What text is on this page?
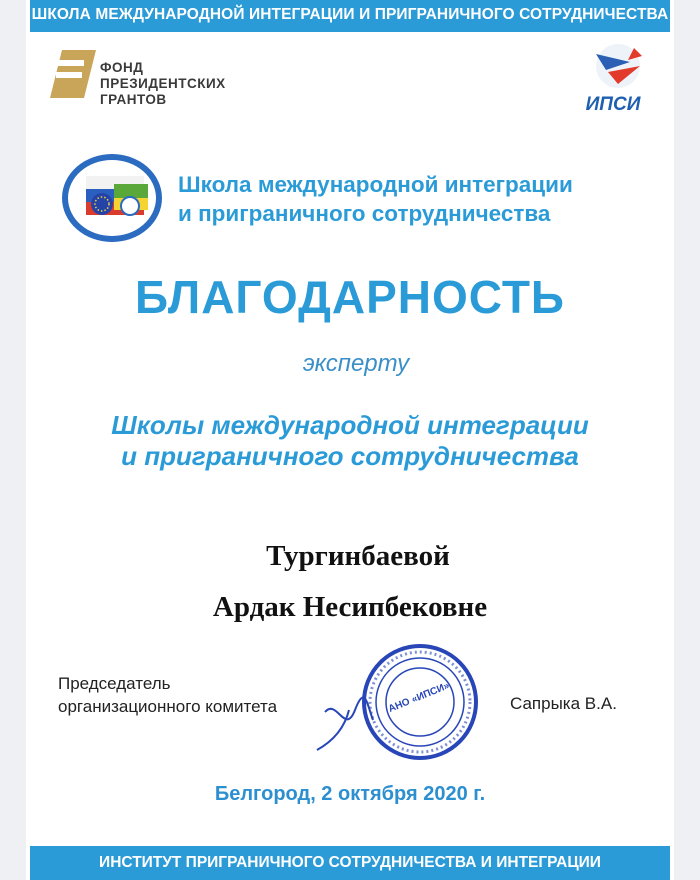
ШКОЛА МЕЖДУНАРОДНОЙ ИНТЕГРАЦИИ И ПРИГРАНИЧНОГО СОТРУДНИЧЕСТВА
ФОНД
ПРЕЗИДЕНТСКИХ
ГРАНТОВ	ИПСИ
Школа международной интеграции
и приграничного сотрудничества
БЛАГОДАРНОСТЬ
эксперту
Школы международной интеграции
и приграничного сотрудничества
Тургинбаевой
Ардак Несипбековне
Председатель
организационного комитета	АНО «ИПСИ»	Сапрыка В.А.
Белгород, 2 октября 2020 г.
ИНСТИТУТ ПРИГРАНИЧНОГО СОТРУДНИЧЕСТВА И ИНТЕГРАЦИИ
